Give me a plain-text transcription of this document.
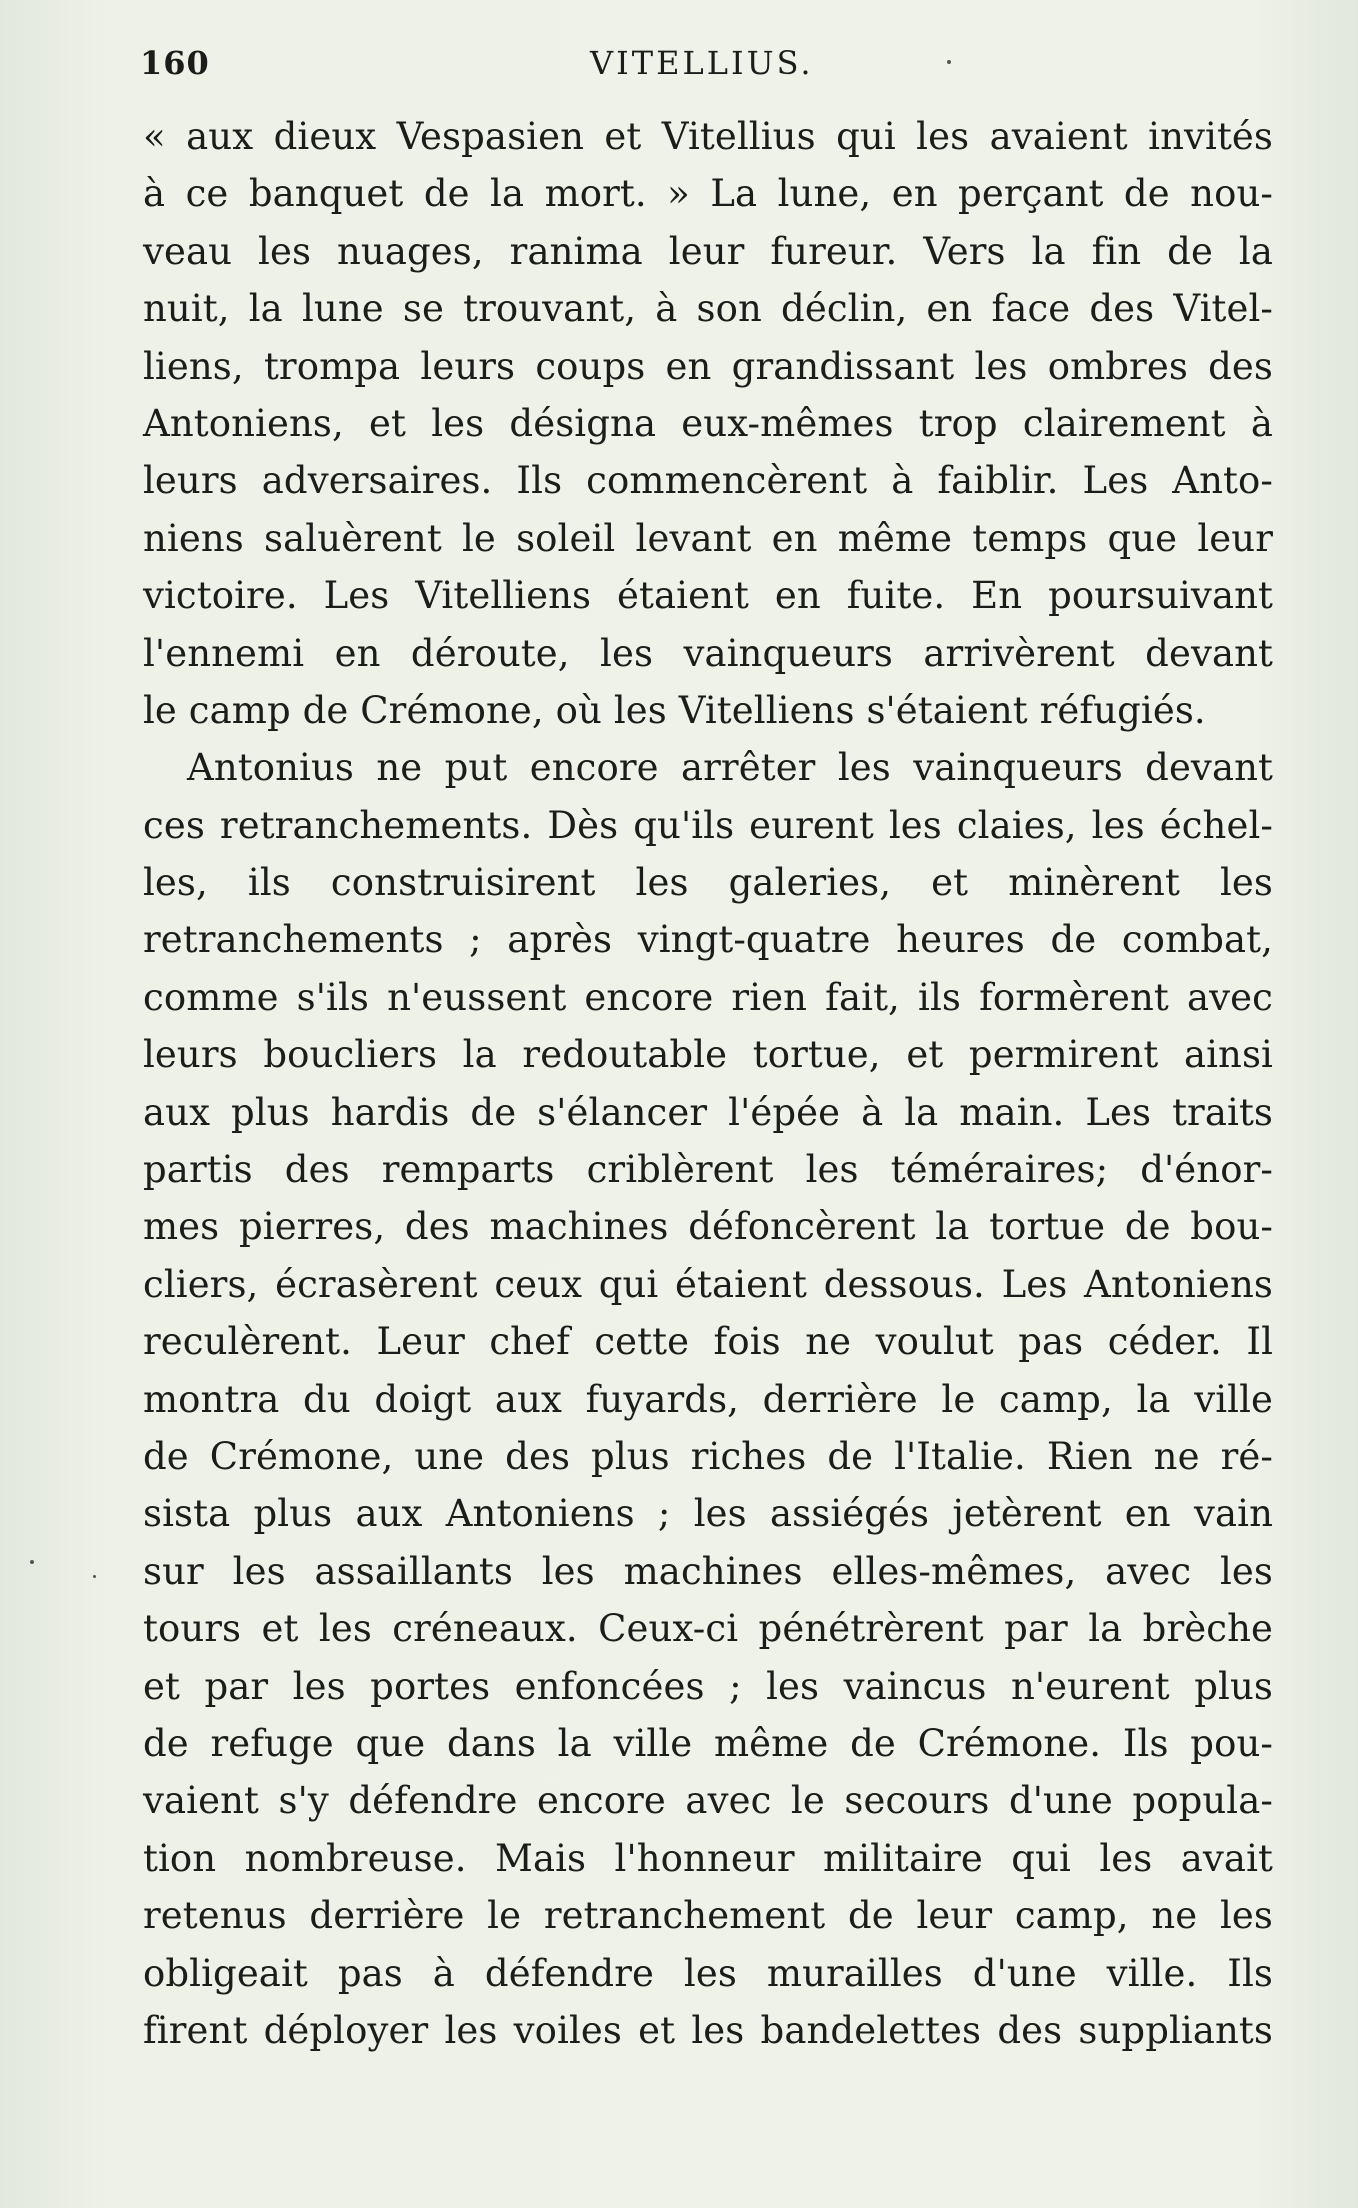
160	VITELLIUS.
« aux dieux Vespasien et Vitellius qui les avaient invités
à ce banquet de la mort. » La lune, en perçant de nou-
veau les nuages, ranima leur fureur. Vers la fin de la
nuit, la lune se trouvant, à son déclin, en face des Vitel-
liens, trompa leurs coups en grandissant les ombres des
Antoniens, et les désigna eux-mêmes trop clairement à
leurs adversaires. Ils commencèrent à faiblir. Les Anto-
niens saluèrent le soleil levant en même temps que leur
victoire. Les Vitelliens étaient en fuite. En poursuivant
l'ennemi en déroute, les vainqueurs arrivèrent devant
le camp de Crémone, où les Vitelliens s'étaient réfugiés.
Antonius ne put encore arrêter les vainqueurs devant
ces retranchements. Dès qu'ils eurent les claies, les échel-
les, ils construisirent les galeries, et minèrent les
retranchements ; après vingt-quatre heures de combat,
comme s'ils n'eussent encore rien fait, ils formèrent avec
leurs boucliers la redoutable tortue, et permirent ainsi
aux plus hardis de s'élancer l'épée à la main. Les traits
partis des remparts criblèrent les téméraires; d'énor-
mes pierres, des machines défoncèrent la tortue de bou-
cliers, écrasèrent ceux qui étaient dessous. Les Antoniens
reculèrent. Leur chef cette fois ne voulut pas céder. Il
montra du doigt aux fuyards, derrière le camp, la ville
de Crémone, une des plus riches de l'Italie. Rien ne ré-
sista plus aux Antoniens ; les assiégés jetèrent en vain
sur les assaillants les machines elles-mêmes, avec les
tours et les créneaux. Ceux-ci pénétrèrent par la brèche
et par les portes enfoncées ; les vaincus n'eurent plus
de refuge que dans la ville même de Crémone. Ils pou-
vaient s'y défendre encore avec le secours d'une popula-
tion nombreuse. Mais l'honneur militaire qui les avait
retenus derrière le retranchement de leur camp, ne les
obligeait pas à défendre les murailles d'une ville. Ils
firent déployer les voiles et les bandelettes des suppliants
